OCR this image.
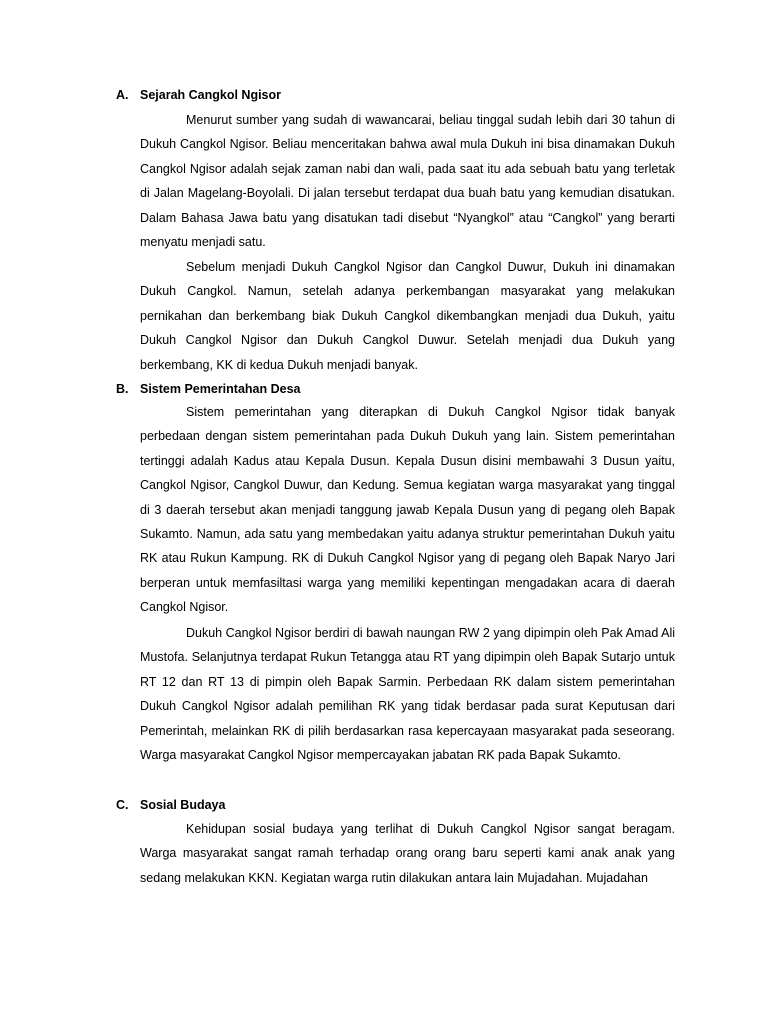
A. Sejarah Cangkol Ngisor

Menurut sumber yang sudah di wawancarai, beliau tinggal sudah lebih dari 30 tahun di Dukuh Cangkol Ngisor. Beliau menceritakan bahwa awal mula Dukuh ini bisa dinamakan Dukuh Cangkol Ngisor adalah sejak zaman nabi dan wali, pada saat itu ada sebuah batu yang terletak di Jalan Magelang-Boyolali. Di jalan tersebut terdapat dua buah batu yang kemudian disatukan. Dalam Bahasa Jawa batu yang disatukan tadi disebut “Nyangkol” atau “Cangkol” yang berarti menyatu menjadi satu.

Sebelum menjadi Dukuh Cangkol Ngisor dan Cangkol Duwur, Dukuh ini dinamakan Dukuh Cangkol. Namun, setelah adanya perkembangan masyarakat yang melakukan pernikahan dan berkembang biak Dukuh Cangkol dikembangkan menjadi dua Dukuh, yaitu Dukuh Cangkol Ngisor dan Dukuh Cangkol Duwur. Setelah menjadi dua Dukuh yang berkembang, KK di kedua Dukuh menjadi banyak.

B. Sistem Pemerintahan Desa

Sistem pemerintahan yang diterapkan di Dukuh Cangkol Ngisor tidak banyak perbedaan dengan sistem pemerintahan pada Dukuh Dukuh yang lain. Sistem pemerintahan tertinggi adalah Kadus atau Kepala Dusun. Kepala Dusun disini membawahi 3 Dusun yaitu, Cangkol Ngisor, Cangkol Duwur, dan Kedung. Semua kegiatan warga masyarakat yang tinggal di 3 daerah tersebut akan menjadi tanggung jawab Kepala Dusun yang di pegang oleh Bapak Sukamto. Namun, ada satu yang membedakan yaitu adanya struktur pemerintahan Dukuh yaitu RK atau Rukun Kampung. RK di Dukuh Cangkol Ngisor yang di pegang oleh Bapak Naryo Jari berperan untuk memfasiltasi warga yang memiliki kepentingan mengadakan acara di daerah Cangkol Ngisor.

Dukuh Cangkol Ngisor berdiri di bawah naungan RW 2 yang dipimpin oleh Pak Amad Ali Mustofa. Selanjutnya terdapat Rukun Tetangga atau RT yang dipimpin oleh Bapak Sutarjo untuk RT 12 dan RT 13 di pimpin oleh Bapak Sarmin. Perbedaan RK dalam sistem pemerintahan Dukuh Cangkol Ngisor adalah pemilihan RK yang tidak berdasar pada surat Keputusan dari Pemerintah, melainkan RK di pilih berdasarkan rasa kepercayaan masyarakat pada seseorang. Warga masyarakat Cangkol Ngisor mempercayakan jabatan RK pada Bapak Sukamto.

C. Sosial Budaya

Kehidupan sosial budaya yang terlihat di Dukuh Cangkol Ngisor sangat beragam. Warga masyarakat sangat ramah terhadap orang orang baru seperti kami anak anak yang sedang melakukan KKN. Kegiatan warga rutin dilakukan antara lain Mujadahan. Mujadahan
